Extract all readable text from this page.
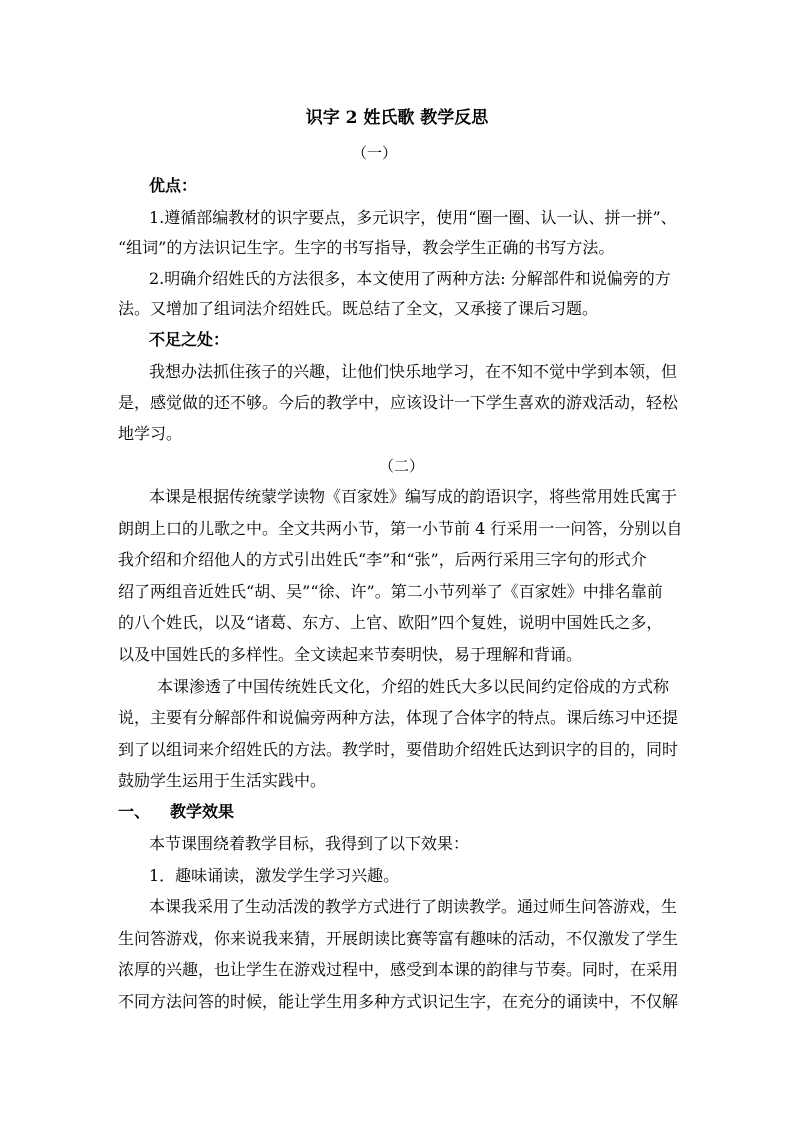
识字 2 姓氏歌 教学反思
（一）
优点：
1.遵循部编教材的识字要点，多元识字，使用“圈一圈、认一认、拼一拼”、
“组词”的方法识记生字。生字的书写指导，教会学生正确的书写方法。
2.明确介绍姓氏的方法很多，本文使用了两种方法: 分解部件和说偏旁的方
法。又增加了组词法介绍姓氏。既总结了全文，又承接了课后习题。
不足之处：
我想办法抓住孩子的兴趣，让他们快乐地学习，在不知不觉中学到本领，但
是，感觉做的还不够。今后的教学中，应该设计一下学生喜欢的游戏活动，轻松
地学习。
（二）
本课是根据传统蒙学读物《百家姓》编写成的韵语识字，将些常用姓氏寓于
朗朗上口的儿歌之中。全文共两小节，第一小节前 4 行采用一一问答，分别以自
我介绍和介绍他人的方式引出姓氏“李”和“张”，后两行采用三字句的形式介
绍了两组音近姓氏“胡、吴”“徐、许”。第二小节列举了《百家姓》中排名靠前
的八个姓氏，以及“诸葛、东方、上官、欧阳”四个复姓，说明中国姓氏之多，
以及中国姓氏的多样性。全文读起来节奏明快，易于理解和背诵。
本课渗透了中国传统姓氏文化，介绍的姓氏大多以民间约定俗成的方式称
说，主要有分解部件和说偏旁两种方法，体现了合体字的特点。课后练习中还提
到了以组词来介绍姓氏的方法。教学时，要借助介绍姓氏达到识字的目的，同时
鼓励学生运用于生活实践中。
一、 教学效果
本节课围绕着教学目标，我得到了以下效果：
1．趣味诵读，激发学生学习兴趣。
本课我采用了生动活泼的教学方式进行了朗读教学。通过师生问答游戏，生
生问答游戏，你来说我来猜，开展朗读比赛等富有趣味的活动，不仅激发了学生
浓厚的兴趣，也让学生在游戏过程中，感受到本课的韵律与节奏。同时，在采用
不同方法问答的时候，能让学生用多种方式识记生字，在充分的诵读中，不仅解
